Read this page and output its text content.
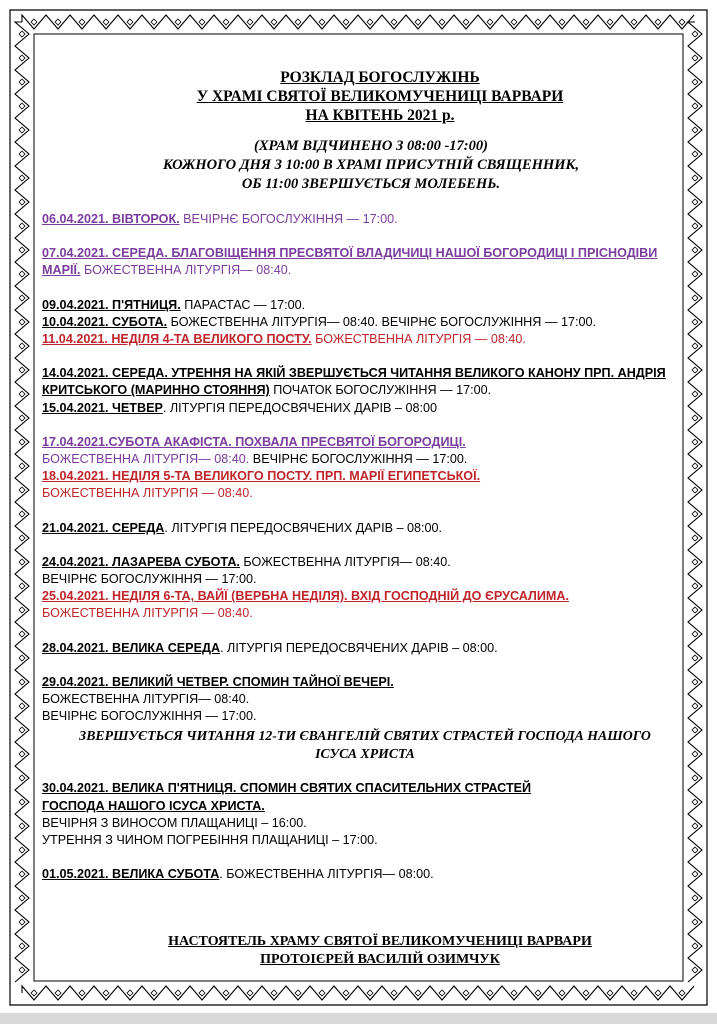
РОЗКЛАД БОГОСЛУЖІНЬ
У ХРАМІ СВЯТОЇ ВЕЛИКОМУЧЕНИЦІ ВАРВАРИ
НА КВІТЕНЬ 2021 р.
(ХРАМ ВІДЧИНЕНО З 08:00 -17:00)
КОЖНОГО ДНЯ З 10:00 В ХРАМІ ПРИСУТНІЙ СВЯЩЕННИК,
ОБ 11:00 ЗВЕРШУЄТЬСЯ МОЛЕБЕНЬ.
06.04.2021. ВІВТОРОК. ВЕЧІРНЄ БОГОСЛУЖІННЯ — 17:00.
07.04.2021. СЕРЕДА. БЛАГОВІЩЕННЯ ПРЕСВЯТОЇ ВЛАДИЧИЦІ НАШОЇ БОГОРОДИЦІ І ПРІСНОДІВИ МАРІЇ. БОЖЕСТВЕННА ЛІТУРГІЯ— 08:40.
09.04.2021. П'ЯТНИЦЯ. ПАРАСТАС — 17:00.
10.04.2021. СУБОТА. БОЖЕСТВЕННА ЛІТУРГІЯ— 08:40. ВЕЧІРНЄ БОГОСЛУЖІННЯ — 17:00.
11.04.2021. НЕДІЛЯ 4-ТА ВЕЛИКОГО ПОСТУ. БОЖЕСТВЕННА ЛІТУРГІЯ — 08:40.
14.04.2021. СЕРЕДА. УТРЕННЯ НА ЯКІЙ ЗВЕРШУЄТЬСЯ ЧИТАННЯ ВЕЛИКОГО КАНОНУ ПРП. АНДРІЯ КРИТСЬКОГО (МАРИННО СТОЯННЯ) ПОЧАТОК БОГОСЛУЖІННЯ — 17:00.
15.04.2021. ЧЕТВЕР. ЛІТУРГІЯ ПЕРЕДОСВЯЧЕНИХ ДАРІВ – 08:00
17.04.2021.СУБОТА АКАФІСТА. ПОХВАЛА ПРЕСВЯТОЇ БОГОРОДИЦІ.
БОЖЕСТВЕННА ЛІТУРГІЯ— 08:40. ВЕЧІРНЄ БОГОСЛУЖІННЯ — 17:00.
18.04.2021. НЕДІЛЯ 5-ТА ВЕЛИКОГО ПОСТУ. ПРП. МАРІЇ ЕГИПЕТСЬКОЇ.
БОЖЕСТВЕННА ЛІТУРГІЯ — 08:40.
21.04.2021. СЕРЕДА. ЛІТУРГІЯ ПЕРЕДОСВЯЧЕНИХ ДАРІВ – 08:00.
24.04.2021. ЛАЗАРЕВА СУБОТА. БОЖЕСТВЕННА ЛІТУРГІЯ— 08:40.
ВЕЧІРНЄ БОГОСЛУЖІННЯ — 17:00.
25.04.2021. НЕДІЛЯ 6-ТА, ВАЙЇ (ВЕРБНА НЕДІЛЯ). ВХІД ГОСПОДНІЙ ДО ЄРУСАЛИМА.
БОЖЕСТВЕННА ЛІТУРГІЯ — 08:40.
28.04.2021. ВЕЛИКА СЕРЕДА. ЛІТУРГІЯ ПЕРЕДОСВЯЧЕНИХ ДАРІВ – 08:00.
29.04.2021. ВЕЛИКИЙ ЧЕТВЕР. СПОМИН ТАЙНОЇ ВЕЧЕРІ.
БОЖЕСТВЕННА ЛІТУРГІЯ— 08:40.
ВЕЧІРНЄ БОГОСЛУЖІННЯ — 17:00.
ЗВЕРШУЄТЬСЯ ЧИТАННЯ 12-ТИ ЄВАНГЕЛІЙ СВЯТИХ СТРАСТЕЙ ГОСПОДА НАШОГО
ІСУСА ХРИСТА
30.04.2021. ВЕЛИКА П'ЯТНИЦЯ. СПОМИН СВЯТИХ СПАСИТЕЛЬНИХ СТРАСТЕЙ
ГОСПОДА НАШОГО ІСУСА ХРИСТА.
ВЕЧІРНЯ З ВИНОСОМ ПЛАЩАНИЦІ – 16:00.
УТРЕННЯ З ЧИНОМ ПОГРЕБІННЯ ПЛАЩАНИЦІ – 17:00.
01.05.2021. ВЕЛИКА СУБОТА. БОЖЕСТВЕННА ЛІТУРГІЯ— 08:00.
НАСТОЯТЕЛЬ ХРАМУ СВЯТОЇ ВЕЛИКОМУЧЕНИЦІ ВАРВАРИ
ПРОТОІЄРЕЙ ВАСИЛІЙ ОЗИМЧУК
